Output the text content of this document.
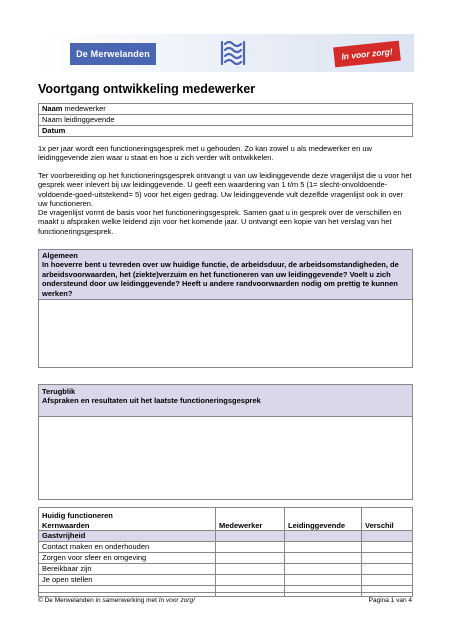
De Merwelanden	In voor zorg!
Voortgang ontwikkeling medewerker
Naam medewerker
Naam leidinggevende
Datum

1x per jaar wordt een functioneringsgesprek met u gehouden. Zo kan zowel u als medewerker en uw leidinggevende zien waar u staat en hoe u zich verder wilt ontwikkelen.

Ter voorbereiding op het functioneringsgesprek ontvangt u van uw leidinggevende deze vragenlijst die u voor het gesprek weer inlevert bij uw leidinggevende. U geeft een waardering van 1 t/m 5 (1= slecht-onvoldoende-voldoende-goed-uitstekend= 5) voor het eigen gedrag. Uw leidinggevende vult dezelfde vragenlijst ook in over uw functioneren.

De vragenlijst vormt de basis voor het functioneringsgesprek. Samen gaat u in gesprek over de verschillen en maakt u afspraken welke leidend zijn voor het komende jaar. U ontvangt een kopie van het verslag van het functioneringsgesprek.

Algemeen
In hoeverre bent u tevreden over uw huidige functie, de arbeidsduur, de arbeidsomstandigheden, de arbeidsvoorwaarden, het (ziekte)verzuim en het functioneren van uw leidinggevende? Voelt u zich ondersteund door uw leidinggevende? Heeft u andere randvoorwaarden nodig om prettig te kunnen werken?
Terugblik
Afspraken en resultaten uit het laatste functioneringsgesprek
Huidig functioneren
Kernwaarden	Medewerker	Leidinggevende	Verschil
Gastvrijheid			
Contact maken en onderhouden			
Zorgen voor sfeer en omgeving			
Bereikbaar zijn			
Je open stellen			

© De Merwelanden in samenwerking met In voor zorg!	Pagina 1 van 4
